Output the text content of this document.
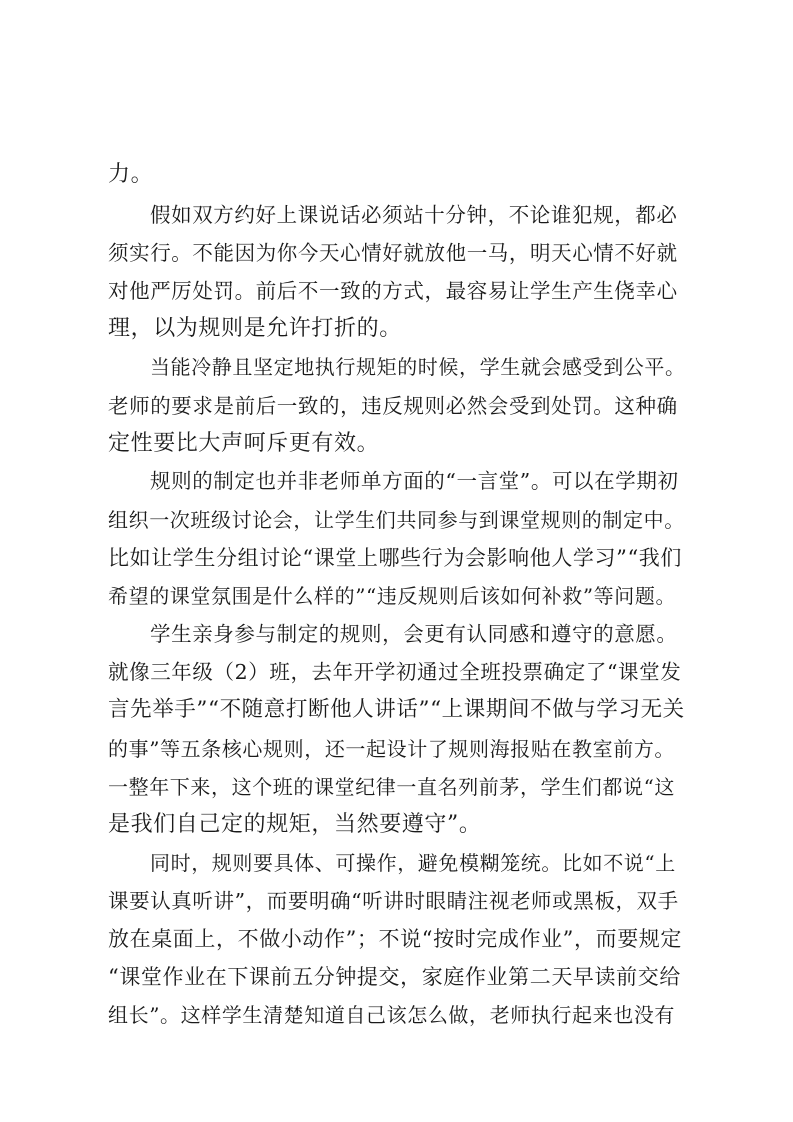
力。

假如双方约好上课说话必须站十分钟，不论谁犯规，都必

须实行。不能因为你今天心情好就放他一马，明天心情不好就

对他严厉处罚。前后不一致的方式，最容易让学生产生侥幸心

理，以为规则是允许打折的。

当能冷静且坚定地执行规矩的时候，学生就会感受到公平。

老师的要求是前后一致的，违反规则必然会受到处罚。这种确

定性要比大声呵斥更有效。

规则的制定也并非老师单方面的“一言堂”。可以在学期初

组织一次班级讨论会，让学生们共同参与到课堂规则的制定中。

比如让学生分组讨论“课堂上哪些行为会影响他人学习”“我们

希望的课堂氛围是什么样的”“违反规则后该如何补救”等问题。

学生亲身参与制定的规则，会更有认同感和遵守的意愿。

就像三年级（2）班，去年开学初通过全班投票确定了“课堂发

言先举手”“不随意打断他人讲话”“上课期间不做与学习无关

的事”等五条核心规则，还一起设计了规则海报贴在教室前方。

一整年下来，这个班的课堂纪律一直名列前茅，学生们都说“这

是我们自己定的规矩，当然要遵守”。

同时，规则要具体、可操作，避免模糊笼统。比如不说“上

课要认真听讲”，而要明确“听讲时眼睛注视老师或黑板，双手

放在桌面上，不做小动作”；不说“按时完成作业”，而要规定

“课堂作业在下课前五分钟提交，家庭作业第二天早读前交给

组长”。这样学生清楚知道自己该怎么做，老师执行起来也没有
